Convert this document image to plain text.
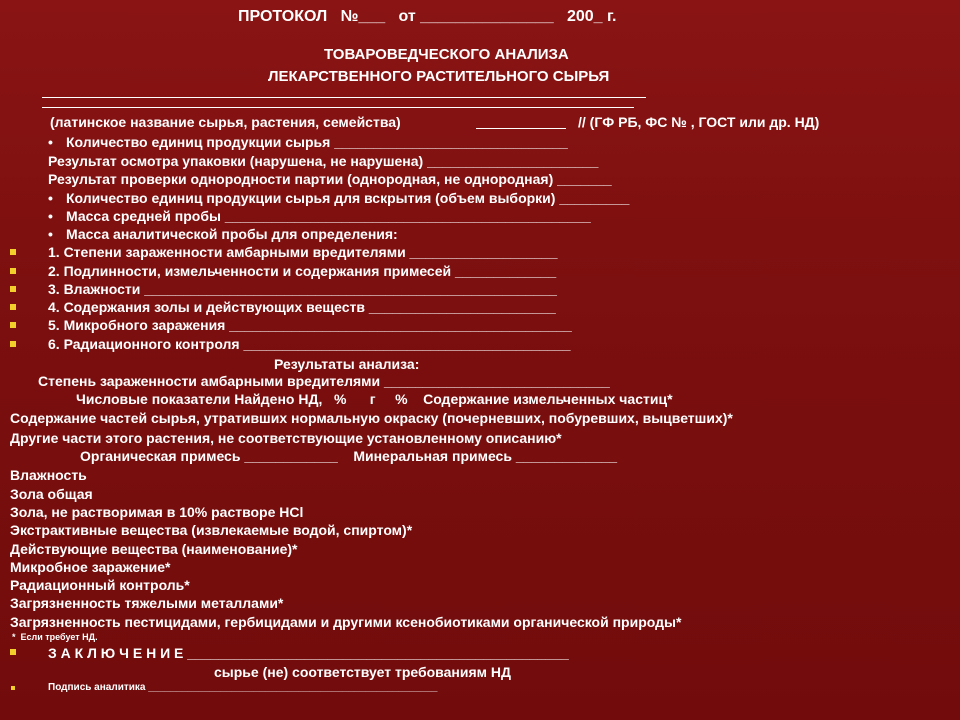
ПРОТОКОЛ   №___   от _______________   200_ г.
ТОВАРОВЕДЧЕСКОГО АНАЛИЗА
ЛЕКАРСТВЕННОГО РАСТИТЕЛЬНОГО СЫРЬЯ
(латинское название сырья, растения, семейства)	// (ГФ РБ, ФС № , ГОСТ или др. НД)
• Количество единиц продукции сырья ______________________________
Результат осмотра упаковки (нарушена, не нарушена) ______________________
Результат проверки однородности партии (однородная, не однородная) _______
• Количество единиц продукции сырья для вскрытия (объем выборки) _________
• Масса средней пробы _______________________________________________
• Масса аналитической пробы для определения:
1. Степени зараженности амбарными вредителями ___________________
2. Подлинности, измельченности и содержания примесей _____________
3. Влажности _____________________________________________________
4. Содержания золы и действующих веществ ________________________
5. Микробного заражения ____________________________________________
6. Радиационного контроля __________________________________________
Результаты анализа:
Степень зараженности амбарными вредителями _____________________________
Числовые показатели Найдено НД,   %      г     %    Содержание измельченных частиц*
Содержание частей сырья, утративших нормальную окраску (почерневших, побуревших, выцветших)*
Другие части этого растения, не соответствующие установленному описанию*
Органическая примесь ____________    Минеральная примесь _____________
Влажность
Зола общая
Зола, не растворимая в 10% растворе HCl
Экстрактивные вещества (извлекаемые водой, спиртом)*
Действующие вещества (наименование)*
Микробное заражение*
Радиационный контроль*
Загрязненность тяжелыми металлами*
Загрязненность пестицидами, гербицидами и другими ксенобиотиками органической природы*
*  Если требует НД.
З А К Л Ю Ч Е Н И Е _________________________________________________
сырье (не) соответствует требованиям НД
Подпись аналитика ____________________________________________________
